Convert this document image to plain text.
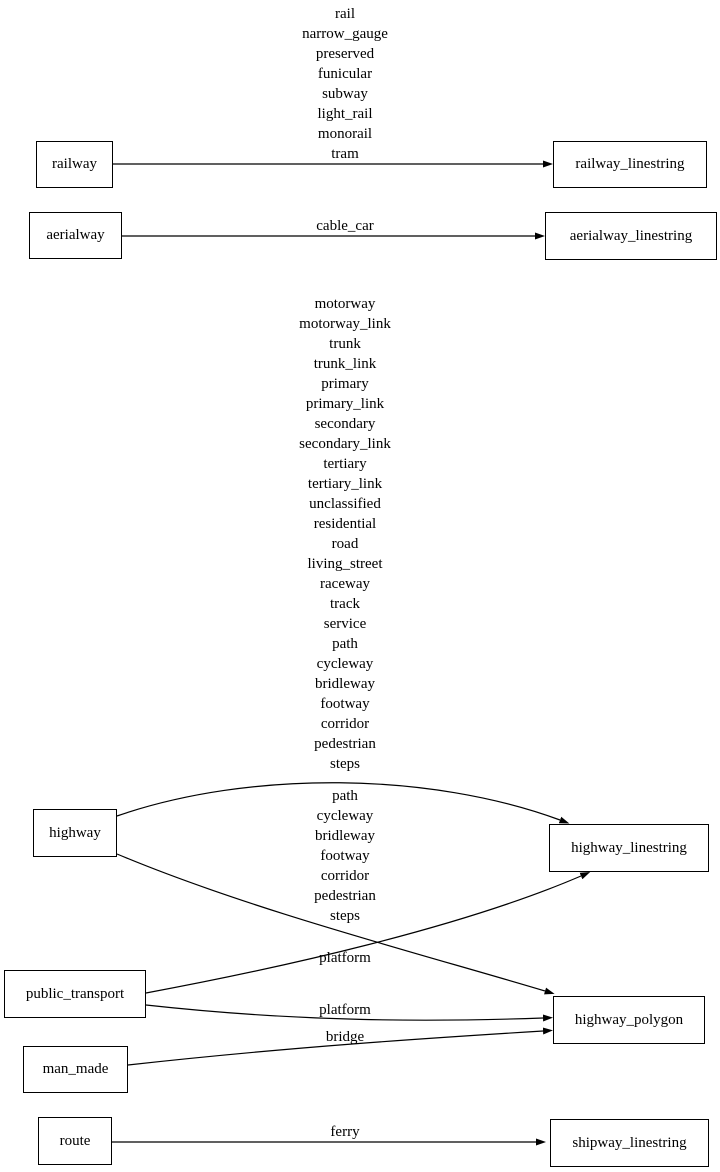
rail
narrow_gauge
preserved
funicular
subway
light_rail
monorail
tram
cable_car
motorway
motorway_link
trunk
trunk_link
primary
primary_link
secondary
secondary_link
tertiary
tertiary_link
unclassified
residential
road
living_street
raceway
track
service
path
cycleway
bridleway
footway
corridor
pedestrian
steps
path
cycleway
bridleway
footway
corridor
pedestrian
steps
platform
platform
bridge
ferry
railway
aerialway
highway
public_transport
man_made
route
railway_linestring
aerialway_linestring
highway_linestring
highway_polygon
shipway_linestring
